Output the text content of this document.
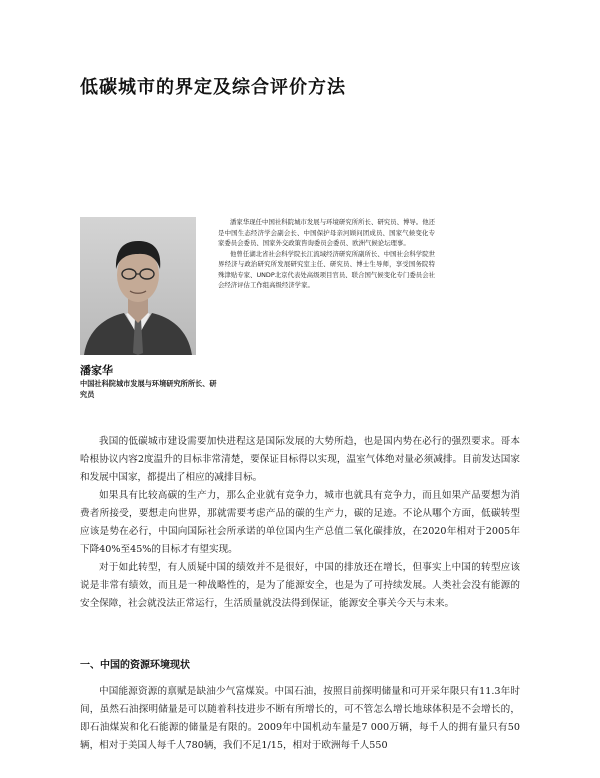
低碳城市的界定及综合评价方法
潘家华
中国社科院城市发展与环境研究所所长、研究员

潘家华现任中国社科院城市发展与环境研究所所长、研究员、博导。他还是中国生态经济学会副会长、中国保护母亲河顾问团成员、国家气候变化专家委员会委员、国家外交政策咨询委员会委员、欧洲气候论坛理事。

他曾任湖北省社会科学院长江流域经济研究所副所长、中国社会科学院世界经济与政治研究所发展研究室主任、研究员、博士生导师，享受国务院特殊津贴专家、UNDP北京代表处高级项目官员、联合国气候变化专门委员会社会经济评估工作组高级经济学家。

我国的低碳城市建设需要加快进程这是国际发展的大势所趋，也是国内势在必行的强烈要求。哥本哈根协议内容2度温升的目标非常清楚，要保证目标得以实现，温室气体绝对量必须减排。目前发达国家和发展中国家，都提出了相应的减排目标。

如果具有比较高碳的生产力，那么企业就有竞争力，城市也就具有竞争力，而且如果产品要想为消费者所接受，要想走向世界，那就需要考虑产品的碳的生产力，碳的足迹。不论从哪个方面，低碳转型应该是势在必行，中国向国际社会所承诺的单位国内生产总值二氧化碳排放，在2020年相对于2005年下降40%至45%的目标才有望实现。

对于如此转型，有人质疑中国的绩效并不是很好，中国的排放还在增长，但事实上中国的转型应该说是非常有绩效，而且是一种战略性的，是为了能源安全，也是为了可持续发展。人类社会没有能源的安全保障，社会就没法正常运行，生活质量就没法得到保证，能源安全事关今天与未来。

一、中国的资源环境现状

中国能源资源的禀赋是缺油少气富煤炭。中国石油，按照目前探明储量和可开采年限只有11.3年时间，虽然石油探明储量是可以随着科技进步不断有所增长的，可不管怎么增长地球体积是不会增长的，即石油煤炭和化石能源的储量是有限的。2009年中国机动车量是7 000万辆，每千人的拥有量只有50辆，相对于美国人每千人780辆，我们不足1/15，相对于欧洲每千人550
